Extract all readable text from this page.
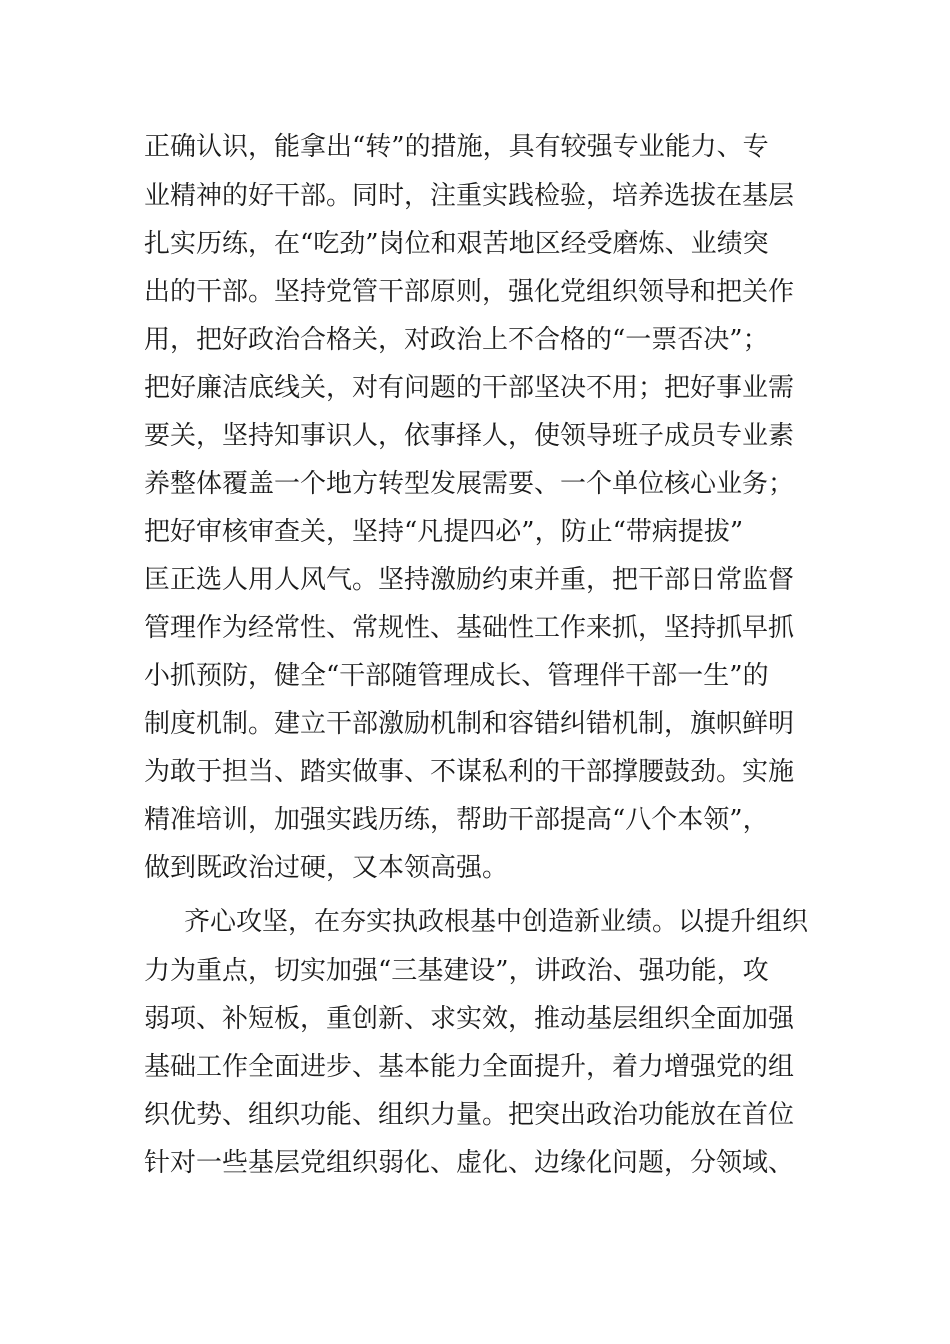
正确认识，能拿出“转”的措施，具有较强专业能力、专
业精神的好干部。同时，注重实践检验，培养选拔在基层
扎实历练，在“吃劲”岗位和艰苦地区经受磨炼、业绩突
出的干部。坚持党管干部原则，强化党组织领导和把关作
用，把好政治合格关，对政治上不合格的“一票否决”；
把好廉洁底线关，对有问题的干部坚决不用；把好事业需
要关，坚持知事识人，依事择人，使领导班子成员专业素
养整体覆盖一个地方转型发展需要、一个单位核心业务；
把好审核审查关，坚持“凡提四必”，防止“带病提拔”
匡正选人用人风气。坚持激励约束并重，把干部日常监督
管理作为经常性、常规性、基础性工作来抓，坚持抓早抓
小抓预防，健全“干部随管理成长、管理伴干部一生”的
制度机制。建立干部激励机制和容错纠错机制，旗帜鲜明
为敢于担当、踏实做事、不谋私利的干部撑腰鼓劲。实施
精准培训，加强实践历练，帮助干部提高“八个本领”，
做到既政治过硬，又本领高强。
齐心攻坚，在夯实执政根基中创造新业绩。以提升组织
力为重点，切实加强“三基建设”，讲政治、强功能，攻
弱项、补短板，重创新、求实效，推动基层组织全面加强
基础工作全面进步、基本能力全面提升，着力增强党的组
织优势、组织功能、组织力量。把突出政治功能放在首位
针对一些基层党组织弱化、虚化、边缘化问题，分领域、
